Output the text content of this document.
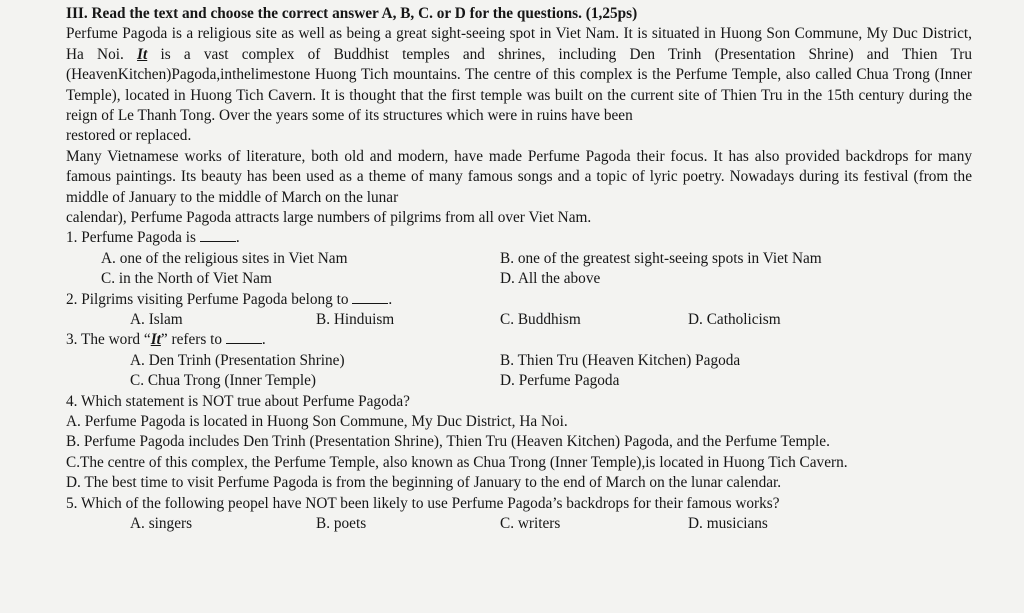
III. Read the text and choose the correct answer A, B, C. or D for the questions. (1,25ps)

Perfume Pagoda is a religious site as well as being a great sight-seeing spot in Viet Nam. It is situated in Huong Son Commune, My Duc District, Ha Noi. It is a vast complex of Buddhist temples and shrines, including Den Trinh (Presentation Shrine) and Thien Tru (HeavenKitchen)Pagoda,inthelimestone Huong Tich mountains. The centre of this complex is the Perfume Temple, also called Chua Trong (Inner Temple), located in Huong Tich Cavern. It is thought that the first temple was built on the current site of Thien Tru in the 15th century during the reign of Le Thanh Tong. Over the years some of its structures which were in ruins have been

restored or replaced.

Many Vietnamese works of literature, both old and modern, have made Perfume Pagoda their focus. It has also provided backdrops for many famous paintings. Its beauty has been used as a theme of many famous songs and a topic of lyric poetry. Nowadays during its festival (from the middle of January to the middle of March on the lunar

calendar), Perfume Pagoda attracts large numbers of pilgrims from all over Viet Nam.

1. Perfume Pagoda is	.
A. one of the religious sites in Viet Nam	B. one of the greatest sight-seeing spots in Viet Nam
C. in the North of Viet Nam	D. All the above
2. Pilgrims visiting Perfume Pagoda belong to	.
A. Islam	B. Hinduism	C. Buddhism	D. Catholicism
3. The word “It” refers to	.
A. Den Trinh (Presentation Shrine)	B. Thien Tru (Heaven Kitchen) Pagoda
C. Chua Trong (Inner Temple)	D. Perfume Pagoda
4. Which statement is NOT true about Perfume Pagoda?

A. Perfume Pagoda is located in Huong Son Commune, My Duc District, Ha Noi.

B. Perfume Pagoda includes Den Trinh (Presentation Shrine), Thien Tru (Heaven Kitchen) Pagoda, and the Perfume Temple.

C.The centre of this complex, the Perfume Temple, also known as Chua Trong (Inner Temple),is located in Huong Tich Cavern.

D. The best time to visit Perfume Pagoda is from the beginning of January to the end of March on the lunar calendar.

5. Which of the following peopel have NOT been likely to use Perfume Pagoda’s backdrops for their famous works?
A. singers	B. poets	C. writers	D. musicians
